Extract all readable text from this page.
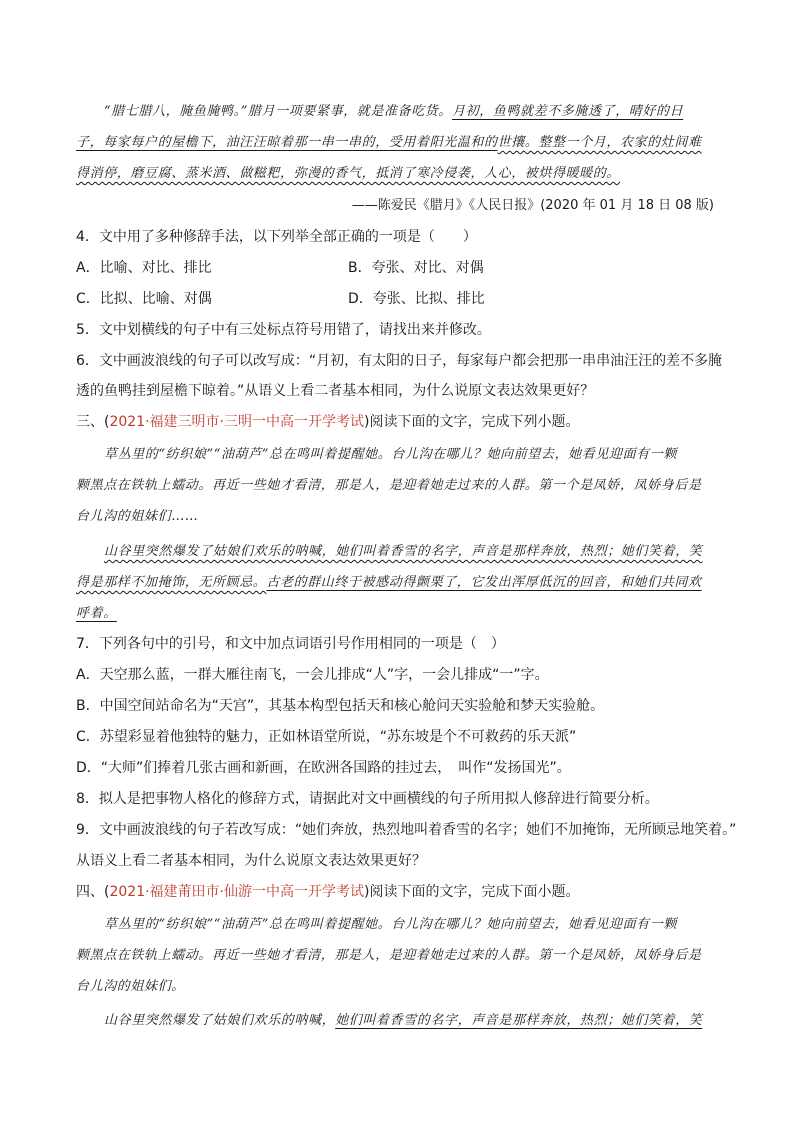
“腊七腊八，腌鱼腌鸭。”腊月一项要紧事，就是准备吃货。月初，鱼鸭就差不多腌透了，晴好的日
子，每家每户的屋檐下，油汪汪晾着那一串一串的，受用着阳光温和的世攘。整整一个月，农家的灶间难
得消停，磨豆腐、蒸米酒、做糍粑，弥漫的香气，抵消了寒冷侵袭，人心，被烘得暖暖的。
——陈爱民《腊月》《人民日报》(2020 年 01 月 18 日 08 版)
4．文中用了多种修辞手法，以下列举全部正确的一项是（　　）
A．比喻、对比、排比	B．夸张、对比、对偶
C．比拟、比喻、对偶	D．夸张、比拟、排比
5．文中划横线的句子中有三处标点符号用错了，请找出来并修改。
6．文中画波浪线的句子可以改写成：“月初，有太阳的日子，每家每户都会把那一串串油汪汪的差不多腌
透的鱼鸭挂到屋檐下晾着。”从语义上看二者基本相同，为什么说原文表达效果更好？
三、(2021·福建三明市·三明一中高一开学考试)阅读下面的文字，完成下列小题。
草丛里的“纺织娘”“油葫芦”总在鸣叫着提醒她。台儿沟在哪儿？她向前望去，她看见迎面有一颗
颗黑点在铁轨上蠕动。再近一些她才看清，那是人，是迎着她走过来的人群。第一个是凤娇，凤娇身后是
台儿沟的姐妹们……
山谷里突然爆发了姑娘们欢乐的呐喊，她们叫着香雪的名字，声音是那样奔放，热烈；她们笑着，笑
得是那样不加掩饰，无所顾忌。古老的群山终于被感动得颤栗了，它发出浑厚低沉的回音，和她们共同欢
呼着。
7．下列各句中的引号，和文中加点词语引号作用相同的一项是（　）
A．天空那么蓝，一群大雁往南飞，一会儿排成“人”字，一会儿排成“一”字。
B．中国空间站命名为“天宫”，其基本构型包括天和核心舱问天实验舱和梦天实验舱。
C．苏望彩显着他独特的魅力，正如林语堂所说，“苏东坡是个不可救药的乐天派”
D．“大师”们捧着几张古画和新画，在欧洲各国路的挂过去，　叫作“发扬国光”。
8．拟人是把事物人格化的修辞方式，请据此对文中画横线的句子所用拟人修辞进行简要分析。
9．文中画波浪线的句子若改写成：“她们奔放，热烈地叫着香雪的名字；她们不加掩饰，无所顾忌地笑着。”
从语义上看二者基本相同，为什么说原文表达效果更好？
四、(2021·福建莆田市·仙游一中高一开学考试)阅读下面的文字，完成下面小题。
草丛里的“纺织娘”“油葫芦”总在鸣叫着提醒她。台儿沟在哪儿？她向前望去，她看见迎面有一颗
颗黑点在铁轨上蠕动。再近一些她才看清，那是人，是迎着她走过来的人群。第一个是凤娇，凤娇身后是
台儿沟的姐妹们。
山谷里突然爆发了姑娘们欢乐的呐喊，她们叫着香雪的名字，声音是那样奔放，热烈；她们笑着，笑
